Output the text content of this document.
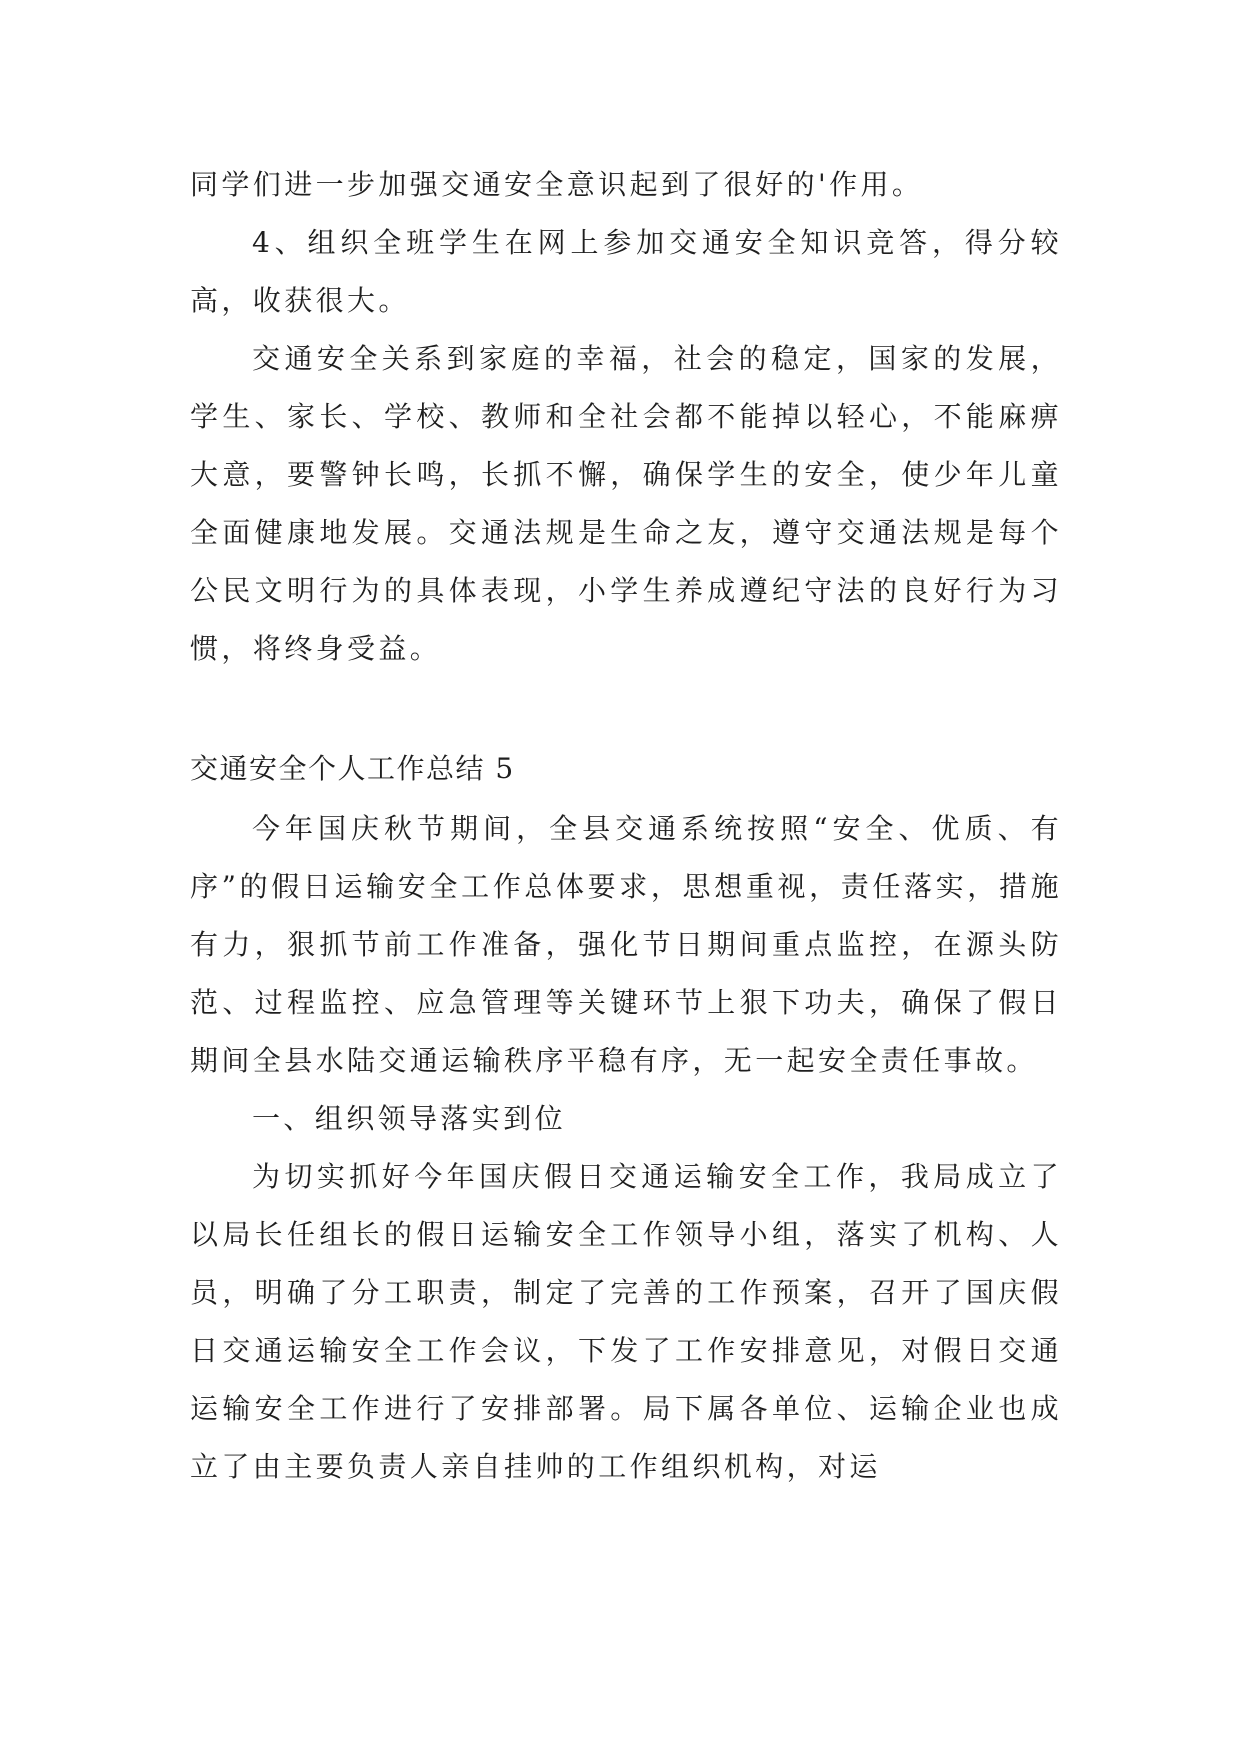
同学们进一步加强交通安全意识起到了很好的'作用。

4、组织全班学生在网上参加交通安全知识竞答，得分较高，收获很大。

交通安全关系到家庭的幸福，社会的稳定，国家的发展，学生、家长、学校、教师和全社会都不能掉以轻心，不能麻痹大意，要警钟长鸣，长抓不懈，确保学生的安全，使少年儿童全面健康地发展。交通法规是生命之友，遵守交通法规是每个公民文明行为的具体表现，小学生养成遵纪守法的良好行为习惯，将终身受益。

交通安全个人工作总结 5

今年国庆秋节期间，全县交通系统按照“安全、优质、有序”的假日运输安全工作总体要求，思想重视，责任落实，措施有力，狠抓节前工作准备，强化节日期间重点监控，在源头防范、过程监控、应急管理等关键环节上狠下功夫，确保了假日期间全县水陆交通运输秩序平稳有序，无一起安全责任事故。

一、组织领导落实到位

为切实抓好今年国庆假日交通运输安全工作，我局成立了以局长任组长的假日运输安全工作领导小组，落实了机构、人员，明确了分工职责，制定了完善的工作预案，召开了国庆假日交通运输安全工作会议，下发了工作安排意见，对假日交通运输安全工作进行了安排部署。局下属各单位、运输企业也成立了由主要负责人亲自挂帅的工作组织机构，对运
